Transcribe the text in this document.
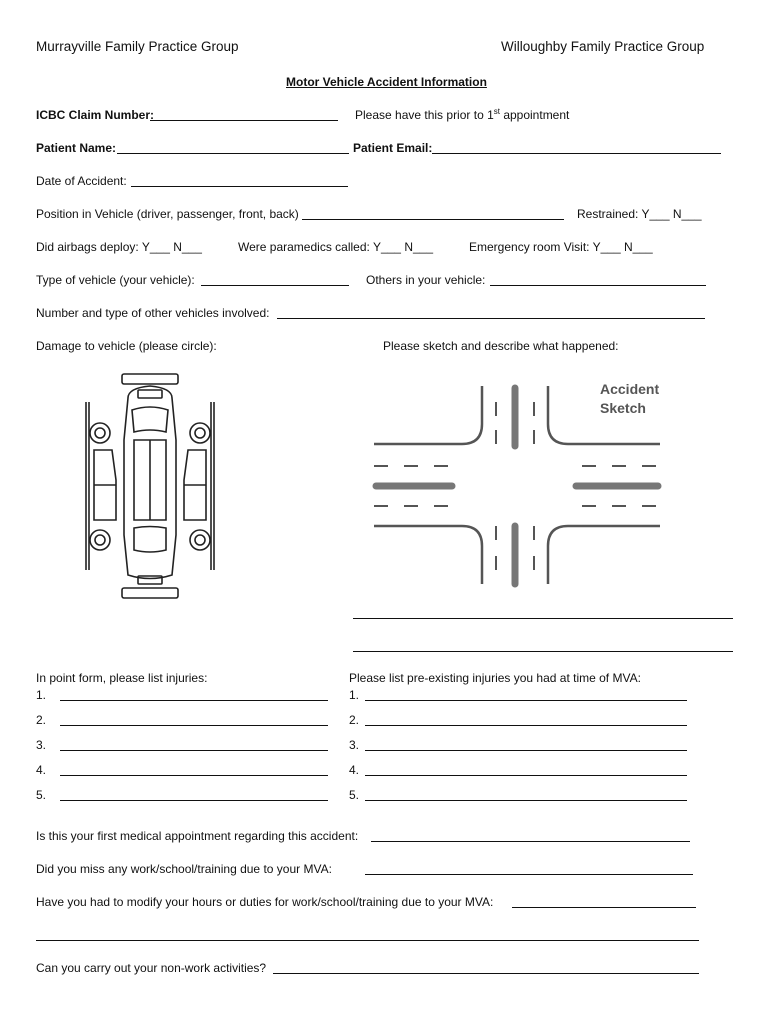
Murrayville Family Practice Group	Willoughby Family Practice Group
Motor Vehicle Accident Information
ICBC Claim Number:	Please have this prior to 1st appointment
Patient Name:	Patient Email:
Date of Accident:
Position in Vehicle (driver, passenger, front, back)	Restrained: Y___ N___
Did airbags deploy: Y___ N___	Were paramedics called: Y___ N___	Emergency room Visit: Y___ N___
Type of vehicle (your vehicle):	Others in your vehicle:
Number and type of other vehicles involved:
Damage to vehicle (please circle):	Please sketch and describe what happened:
Accident
Sketch
In point form, please list injuries:	Please list pre-existing injuries you had at time of MVA:
1.	1.
2.	2.
3.	3.
4.	4.
5.	5.
Is this your first medical appointment regarding this accident:
Did you miss any work/school/training due to your MVA:
Have you had to modify your hours or duties for work/school/training due to your MVA:
Can you carry out your non-work activities?
